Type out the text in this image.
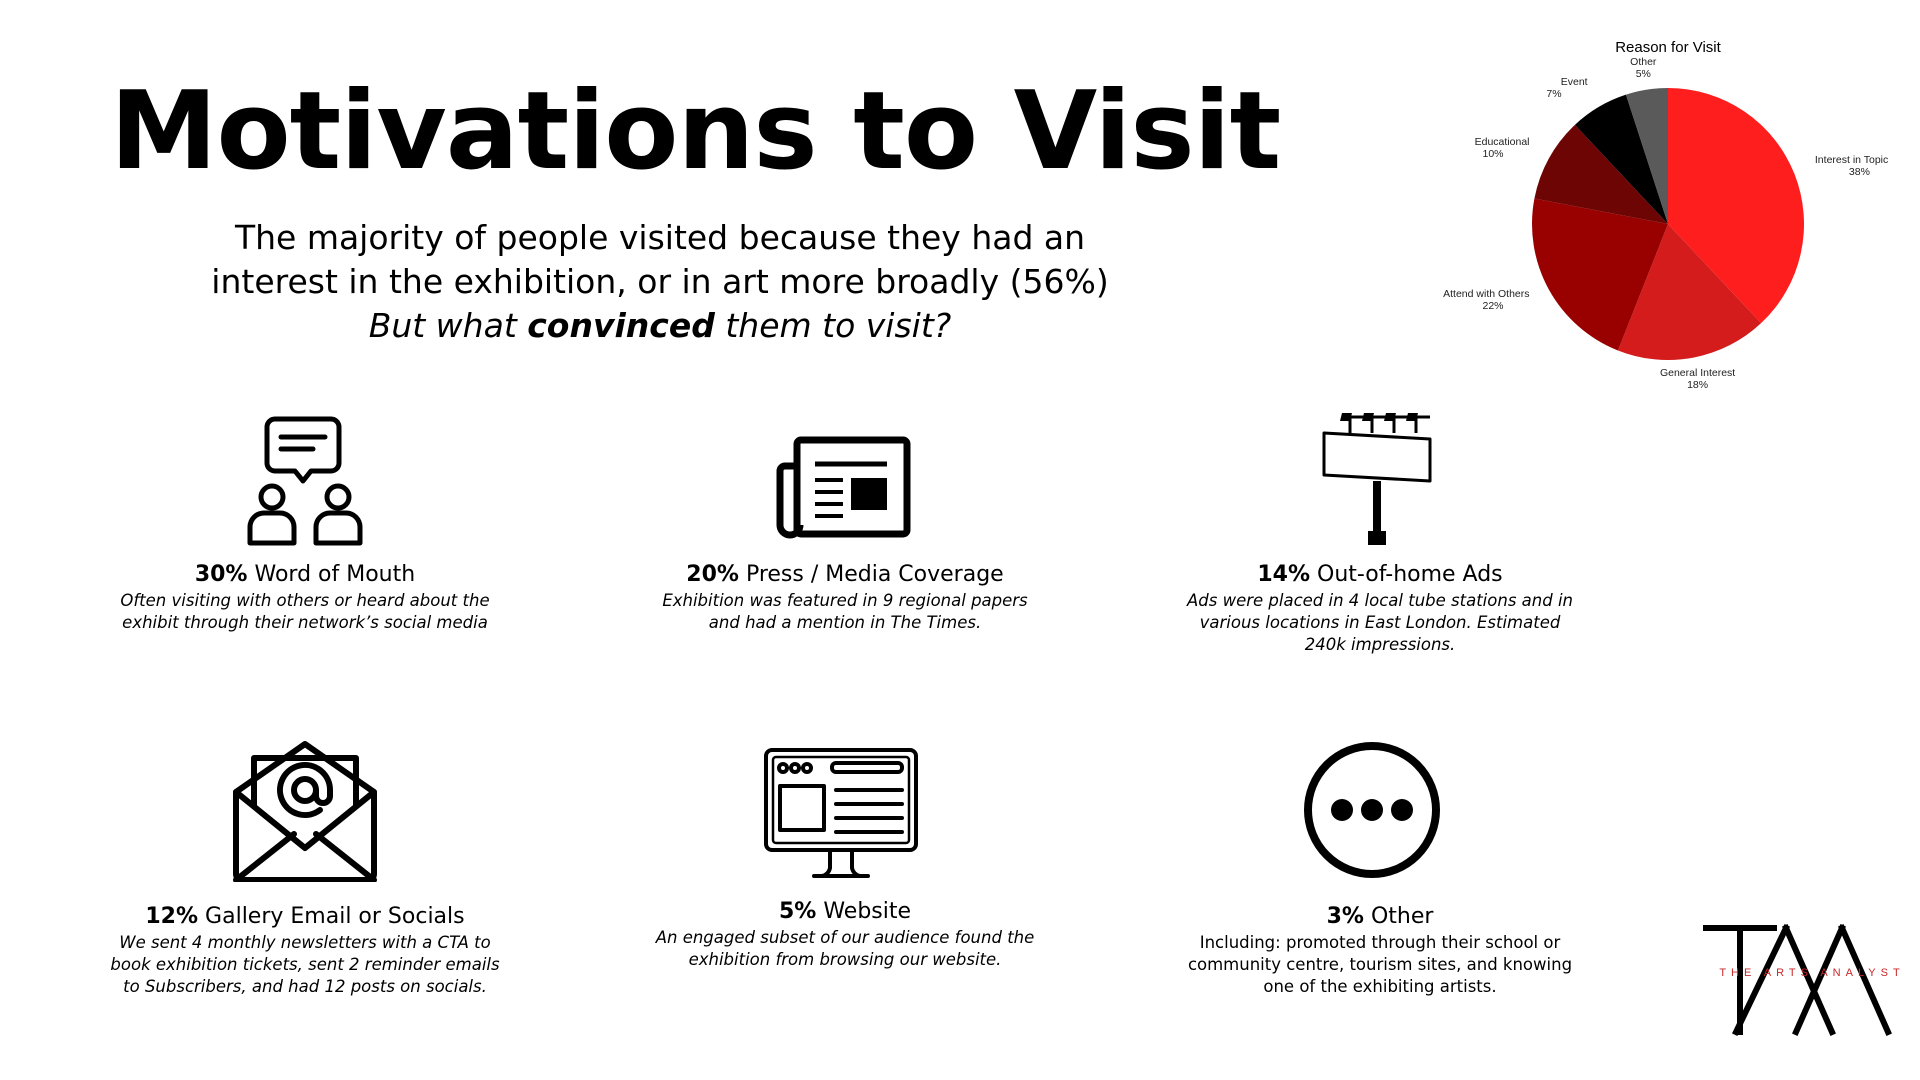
Motivations to Visit
The majority of people visited because they had an
interest in the exhibition, or in art more broadly (56%)
But what convinced them to visit?
30% Word of Mouth
Often visiting with others or heard about the
exhibit through their network’s social media
20% Press / Media Coverage
Exhibition was featured in 9 regional papers
and had a mention in The Times.
14% Out-of-home Ads
Ads were placed in 4 local tube stations and in
various locations in East London. Estimated
240k impressions.
12% Gallery Email or Socials
We sent 4 monthly newsletters with a CTA to
book exhibition tickets, sent 2 reminder emails
to Subscribers, and had 12 posts on socials.
5% Website
An engaged subset of our audience found the
exhibition from browsing our website.
3% Other
Including: promoted through their school or
community centre, tourism sites, and knowing
one of the exhibiting artists.
Reason for Visit
Interest in Topic 38%
General Interest 18%
Attend with Others 22%
Educational 10%
Event 7%
Other 5%
THE ARTS ANALYST
